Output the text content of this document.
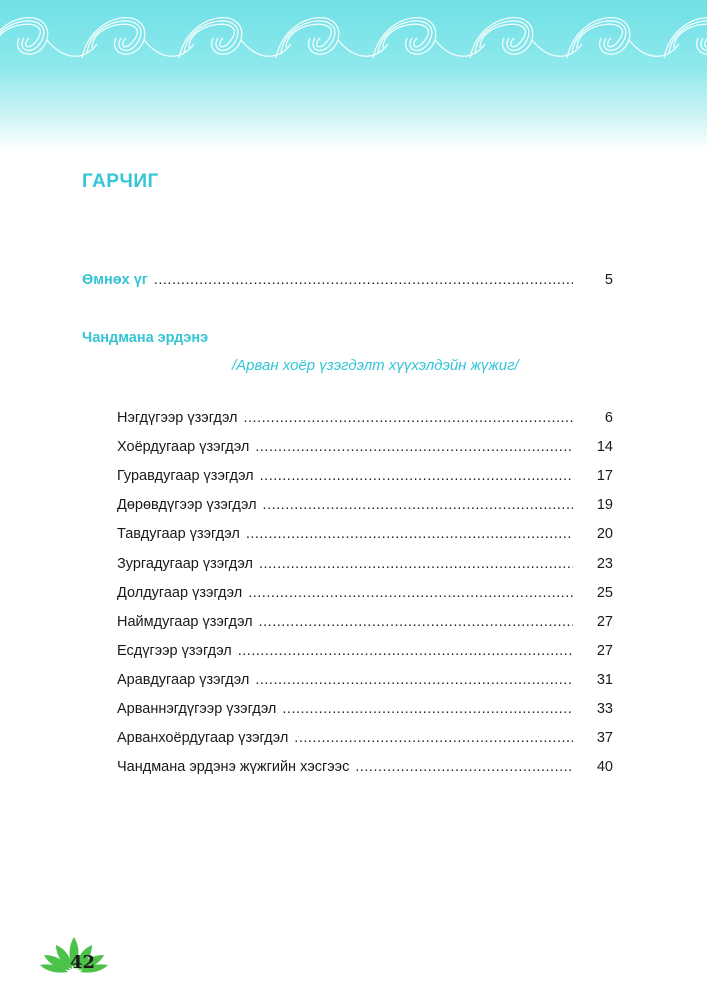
ГАРЧИГ
Өмнөх үг .....	5
Чандмана эрдэнэ
/Арван хоёр үзэгдэлт хүүхэлдэйн жүжиг/
Нэгдүгээр үзэгдэл .....	6
Хоёрдугаар үзэгдэл .....	14
Гуравдугаар үзэгдэл .....	17
Дөрөвдүгээр үзэгдэл .....	19
Тавдугаар үзэгдэл .....	20
Зургадугаар үзэгдэл .....	23
Долдугаар үзэгдэл .....	25
Наймдугаар үзэгдэл .....	27
Есдүгээр үзэгдэл .....	27
Аравдугаар үзэгдэл .....	31
Арваннэгдүгээр үзэгдэл .....	33
Арванхоёрдугаар үзэгдэл .....	37
Чандмана эрдэнэ жүжгийн хэсгээс .....	40
42
